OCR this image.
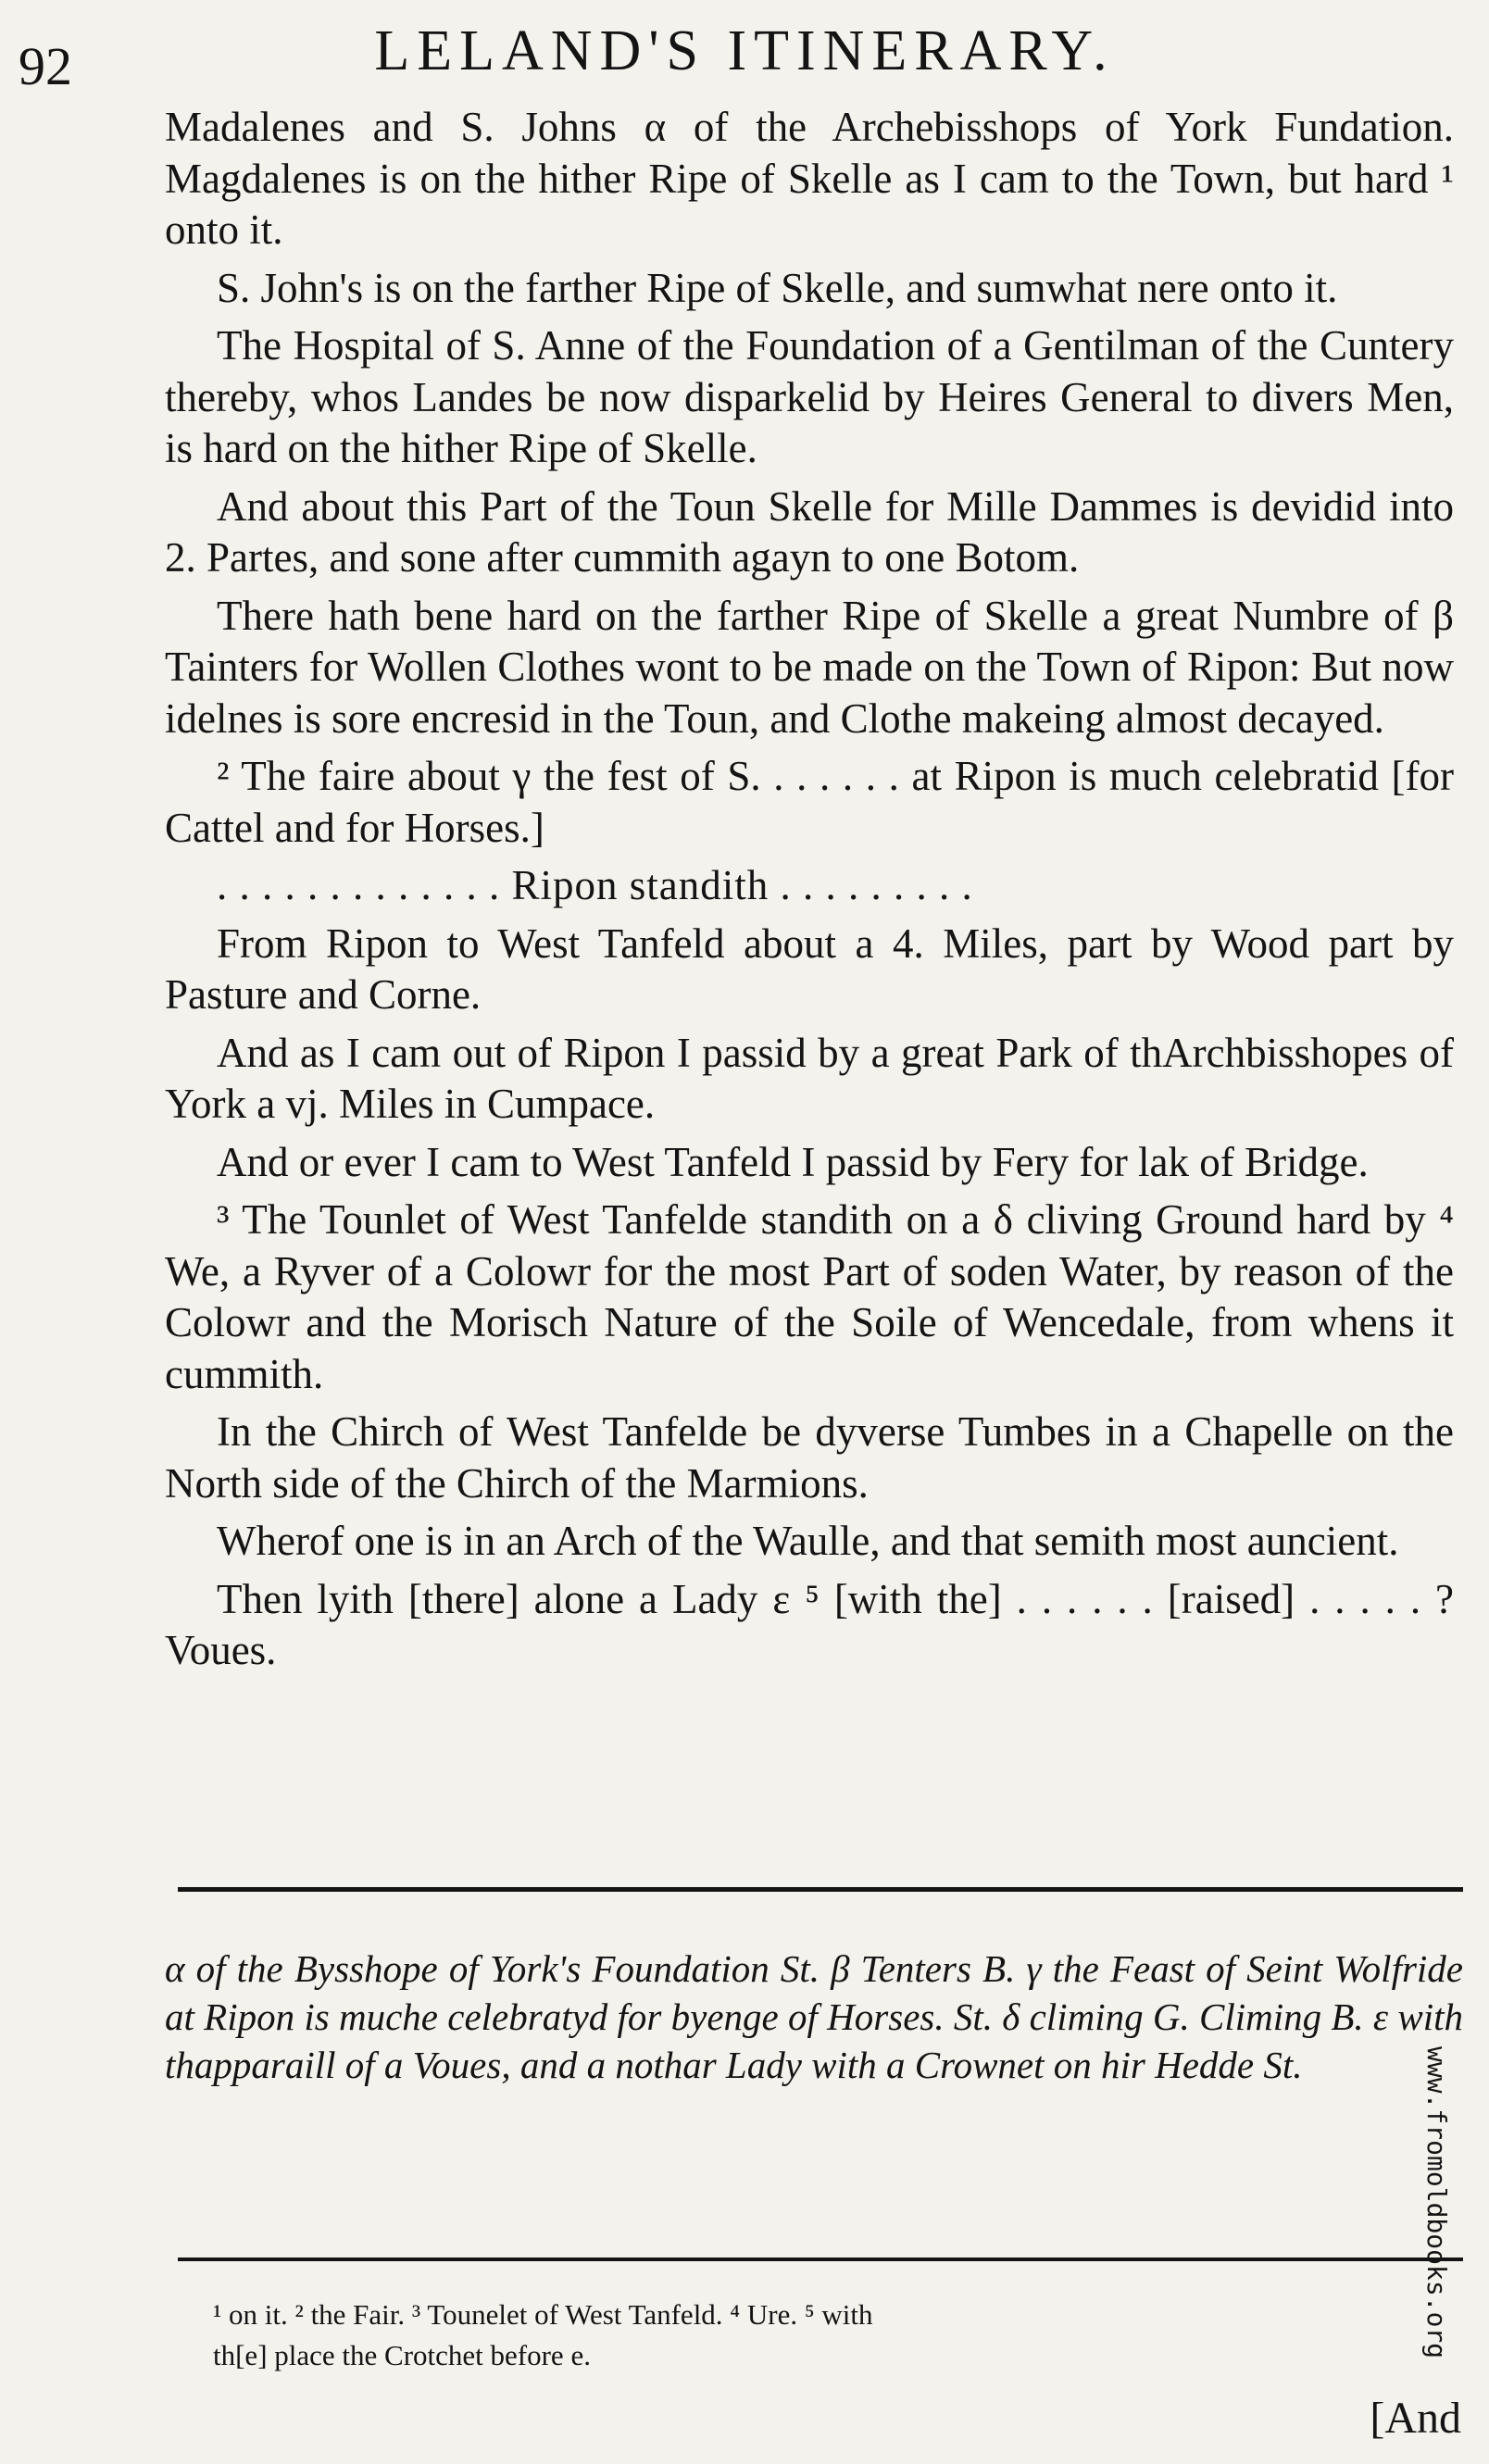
92	LELAND'S ITINERARY.

Madalenes and S. Johns α of the Archebisshops of York Fundation. Magdalenes is on the hither Ripe of Skelle as I cam to the Town, but hard ¹ onto it.

S. John's is on the farther Ripe of Skelle, and sumwhat nere onto it.

The Hospital of S. Anne of the Foundation of a Gentilman of the Cuntery thereby, whos Landes be now disparkelid by Heires General to divers Men, is hard on the hither Ripe of Skelle.

And about this Part of the Toun Skelle for Mille Dammes is devidid into 2. Partes, and sone after cummith agayn to one Botom.

There hath bene hard on the farther Ripe of Skelle a great Numbre of β Tainters for Wollen Clothes wont to be made on the Town of Ripon: But now idelnes is sore encresid in the Toun, and Clothe makeing almost decayed.

² The faire about γ the fest of S. . . . . . . at Ripon is much celebratid [for Cattel and for Horses.]

. . . . . . . . . . . . . Ripon standith . . . . . . . . .

From Ripon to West Tanfeld about a 4. Miles, part by Wood part by Pasture and Corne.

And as I cam out of Ripon I passid by a great Park of thArchbisshopes of York a vj. Miles in Cumpace.

And or ever I cam to West Tanfeld I passid by Fery for lak of Bridge.

³ The Tounlet of West Tanfelde standith on a δ cliving Ground hard by ⁴ We, a Ryver of a Colowr for the most Part of soden Water, by reason of the Colowr and the Morisch Nature of the Soile of Wencedale, from whens it cummith.

In the Chirch of West Tanfelde be dyverse Tumbes in a Chapelle on the North side of the Chirch of the Marmions.

Wherof one is in an Arch of the Waulle, and that semith most auncient.

Then lyith [there] alone a Lady ε ⁵ [with the] . . . . . . [raised] . . . . . ? Voues.

α of the Bysshope of York's Foundation St. β Tenters B. γ the Feast of Seint Wolfride at Ripon is muche celebratyd for byenge of Horses. St. δ climing G. Climing B. ε with thapparaill of a Voues, and a nothar Lady with a Crownet on hir Hedde St.

¹ on it. ² the Fair. ³ Tounelet of West Tanfeld. ⁴ Ure. ⁵ with

th[e] place the Crotchet before e.

[And
www.fromoldbooks.org
